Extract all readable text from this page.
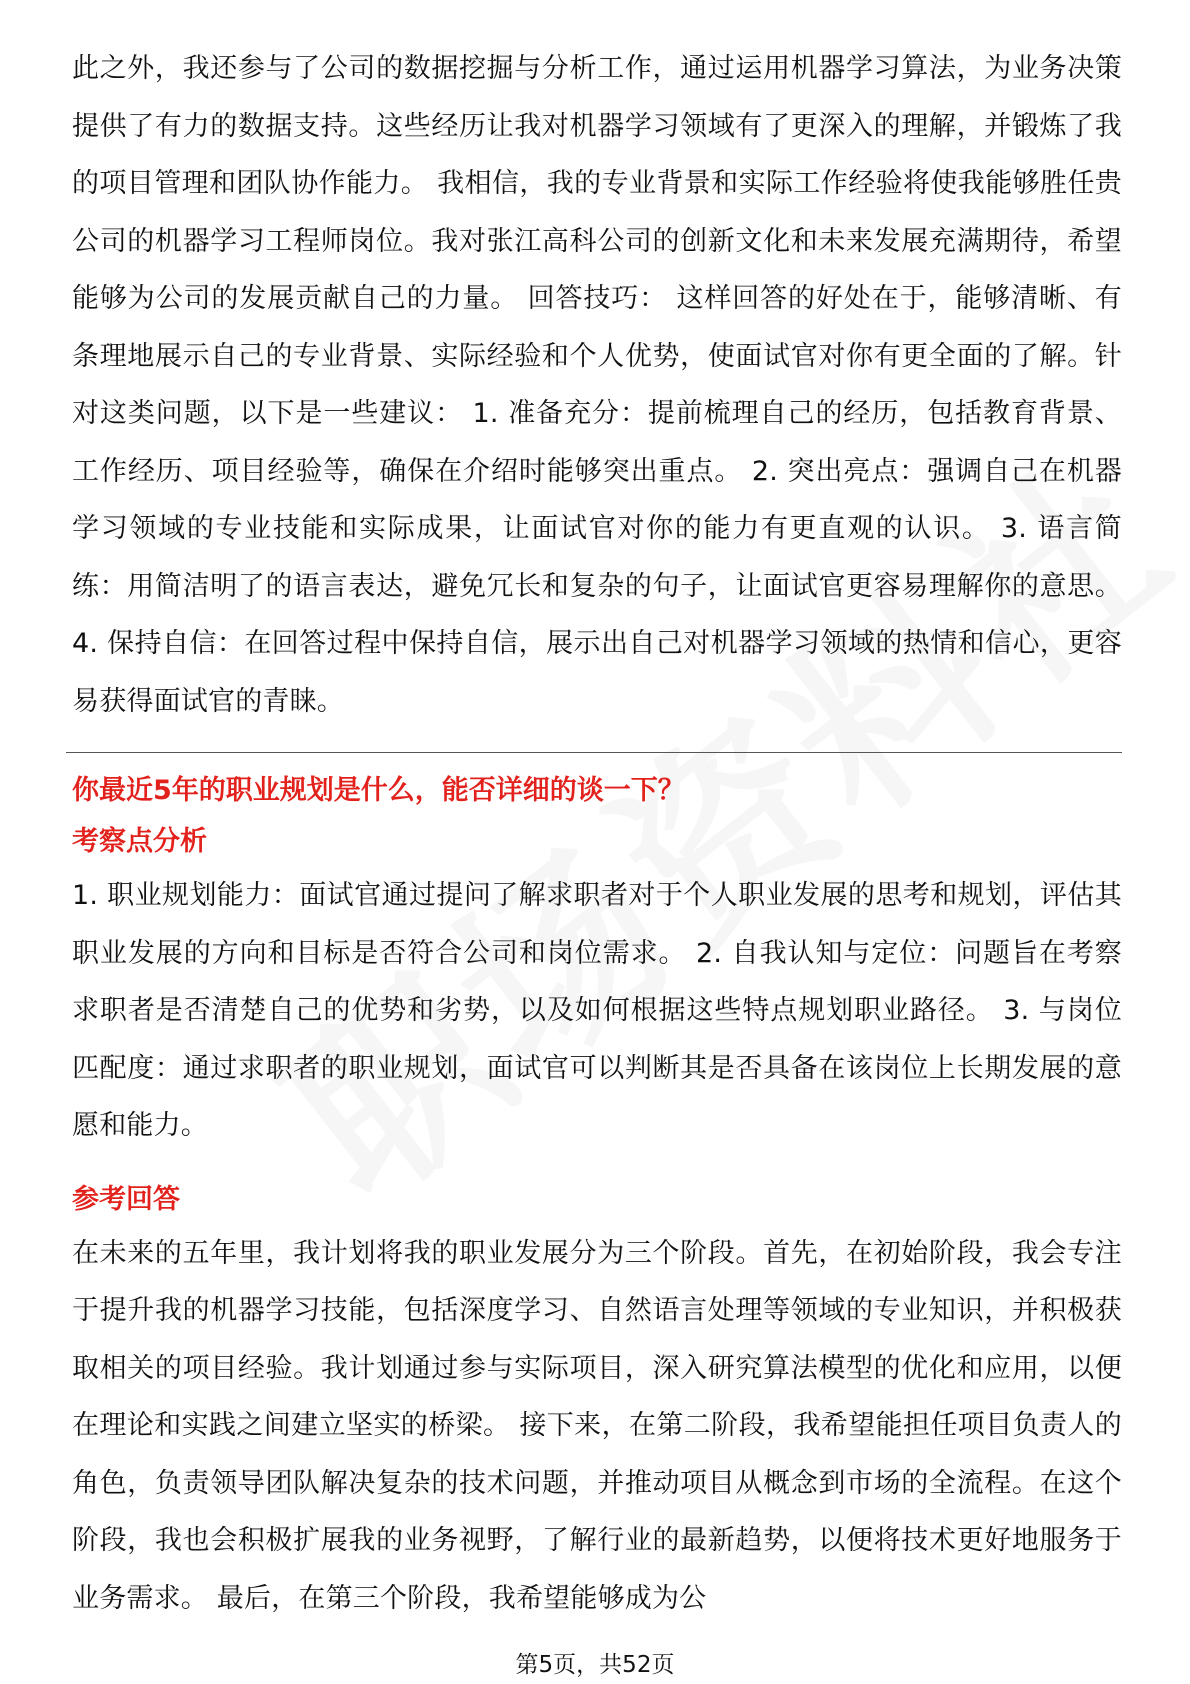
此之外，我还参与了公司的数据挖掘与分析工作，通过运用机器学习算法，为业务决策提供了有力的数据支持。这些经历让我对机器学习领域有了更深入的理解，并锻炼了我的项目管理和团队协作能力。 我相信，我的专业背景和实际工作经验将使我能够胜任贵公司的机器学习工程师岗位。我对张江高科公司的创新文化和未来发展充满期待，希望能够为公司的发展贡献自己的力量。 回答技巧： 这样回答的好处在于，能够清晰、有条理地展示自己的专业背景、实际经验和个人优势，使面试官对你有更全面的了解。针对这类问题，以下是一些建议： 1. 准备充分：提前梳理自己的经历，包括教育背景、工作经历、项目经验等，确保在介绍时能够突出重点。 2. 突出亮点：强调自己在机器学习领域的专业技能和实际成果，让面试官对你的能力有更直观的认识。 3. 语言简练：用简洁明了的语言表达，避免冗长和复杂的句子，让面试官更容易理解你的意思。 4. 保持自信：在回答过程中保持自信，展示出自己对机器学习领域的热情和信心，更容易获得面试官的青睐。

你最近5年的职业规划是什么，能否详细的谈一下？

考察点分析

1. 职业规划能力：面试官通过提问了解求职者对于个人职业发展的思考和规划，评估其职业发展的方向和目标是否符合公司和岗位需求。 2. 自我认知与定位：问题旨在考察求职者是否清楚自己的优势和劣势，以及如何根据这些特点规划职业路径。 3. 与岗位匹配度：通过求职者的职业规划，面试官可以判断其是否具备在该岗位上长期发展的意愿和能力。

参考回答

在未来的五年里，我计划将我的职业发展分为三个阶段。首先，在初始阶段，我会专注于提升我的机器学习技能，包括深度学习、自然语言处理等领域的专业知识，并积极获取相关的项目经验。我计划通过参与实际项目，深入研究算法模型的优化和应用，以便在理论和实践之间建立坚实的桥梁。 接下来，在第二阶段，我希望能担任项目负责人的角色，负责领导团队解决复杂的技术问题，并推动项目从概念到市场的全流程。在这个阶段，我也会积极扩展我的业务视野，了解行业的最新趋势，以便将技术更好地服务于业务需求。 最后，在第三个阶段，我希望能够成为公

第5页，共52页
